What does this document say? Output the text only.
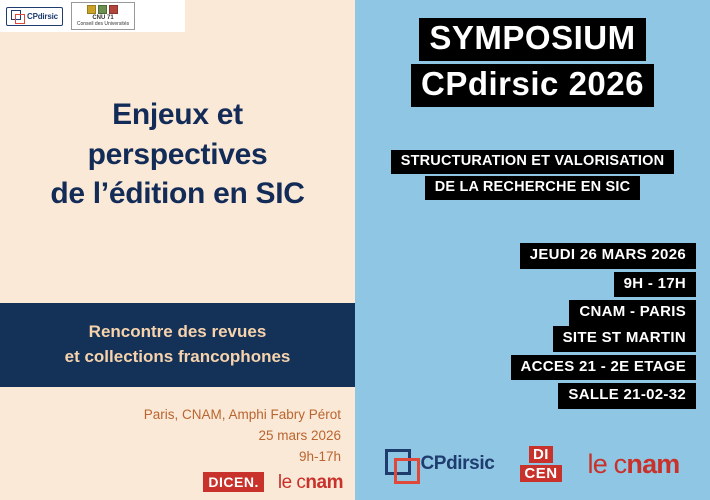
CPdirsic	CNU 71
Conseil des Universités
Enjeux et
perspectives
de l’édition en SIC
Rencontre des revues
et collections francophones
Paris, CNAM, Amphi Fabry Pérot
25 mars 2026
9h-17h
DICEN. le cnam
SYMPOSIUM
CPdirsic 2026
STRUCTURATION ET VALORISATION
DE LA RECHERCHE EN SIC
JEUDI 26 MARS 2026
9H - 17H
CNAM - PARIS
SITE ST MARTIN
ACCES 21 - 2E ETAGE
SALLE 21-02-32
CPdirsic	DI
CEN le cnam
